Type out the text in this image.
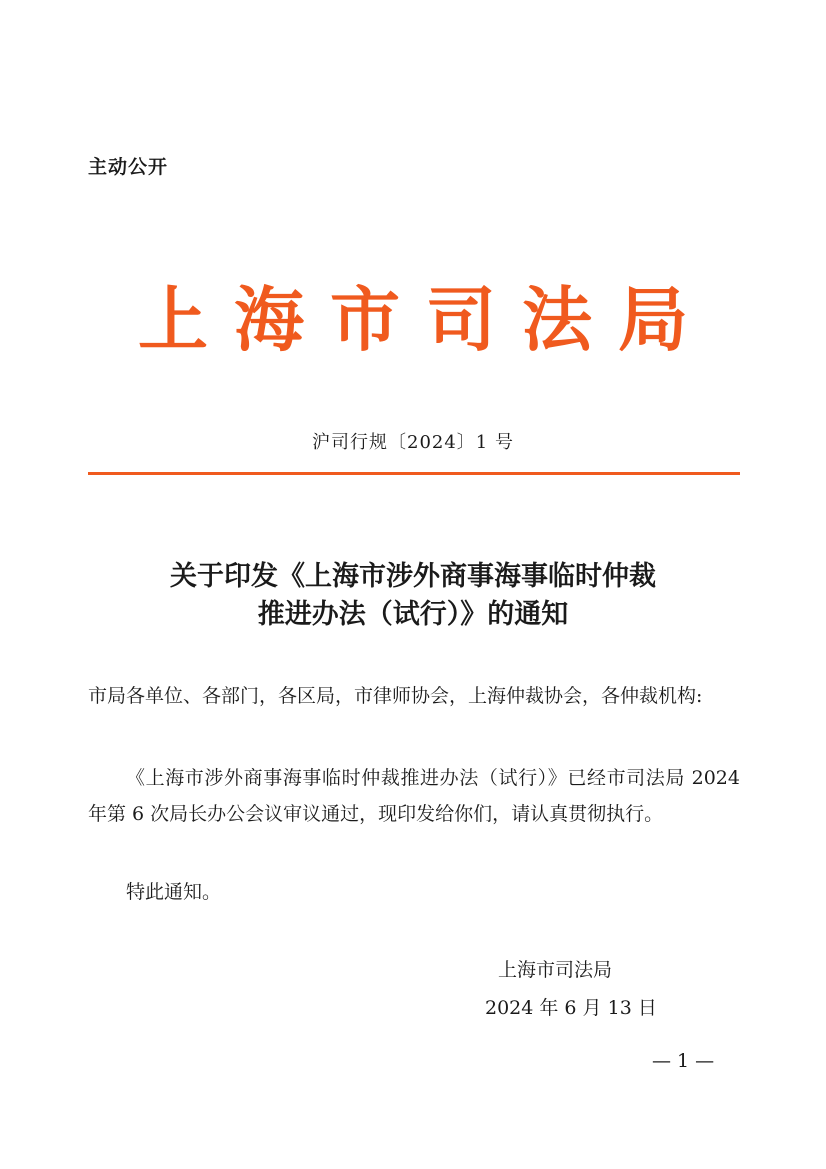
主动公开
上海市司法局
沪司行规〔2024〕1 号
关于印发《上海市涉外商事海事临时仲裁
推进办法（试行）》的通知
市局各单位、各部门，各区局，市律师协会，上海仲裁协会，各仲裁机构:
《上海市涉外商事海事临时仲裁推进办法（试行）》已经市司法局 2024 年第 6 次局长办公会议审议通过，现印发给你们，请认真贯彻执行。
特此通知。
上海市司法局
2024 年 6 月 13 日
— 1 —
